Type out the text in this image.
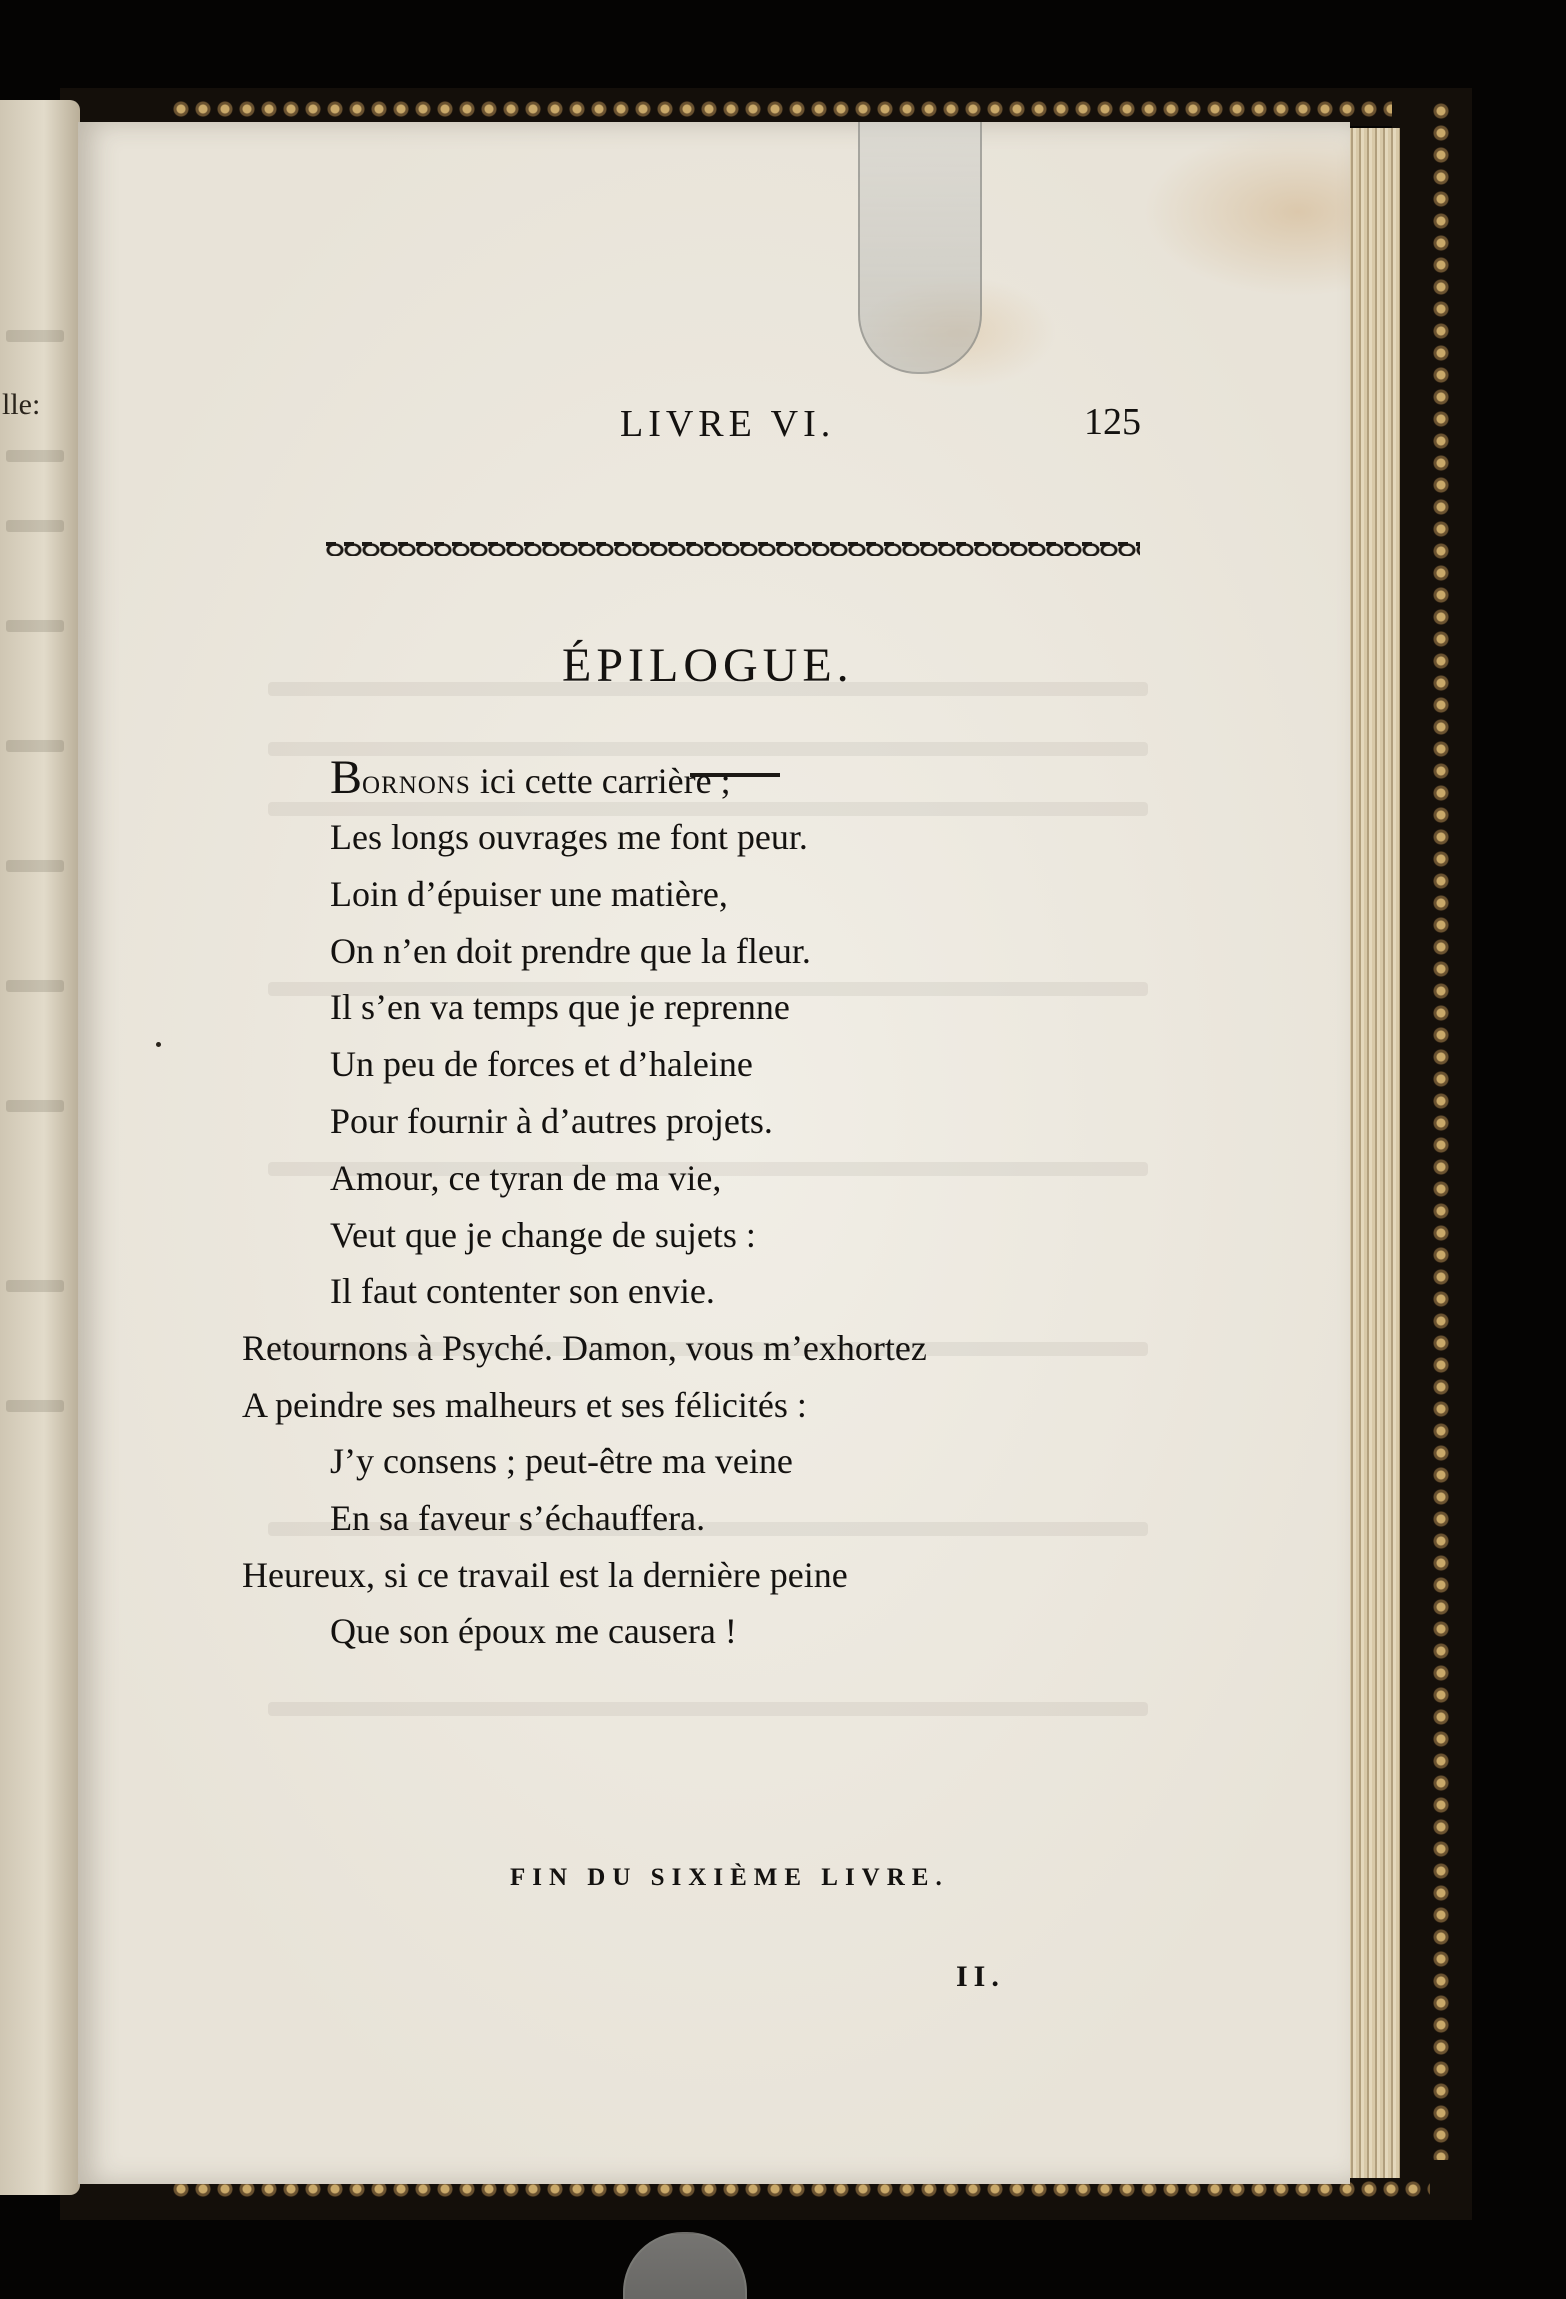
lle:	LIVRE VI.	125
ÉPILOGUE.
Bornons ici cette carrière ;
Les longs ouvrages me font peur.
Loin d’épuiser une matière,
On n’en doit prendre que la fleur.
Il s’en va temps que je reprenne
Un peu de forces et d’haleine
Pour fournir à d’autres projets.
Amour, ce tyran de ma vie,
Veut que je change de sujets :
Il faut contenter son envie.
Retournons à Psyché. Damon, vous m’exhortez
A peindre ses malheurs et ses félicités :
J’y consens ; peut-être ma veine
En sa faveur s’échauffera.
Heureux, si ce travail est la dernière peine
Que son époux me causera !
FIN DU SIXIÈME LIVRE.
II.
